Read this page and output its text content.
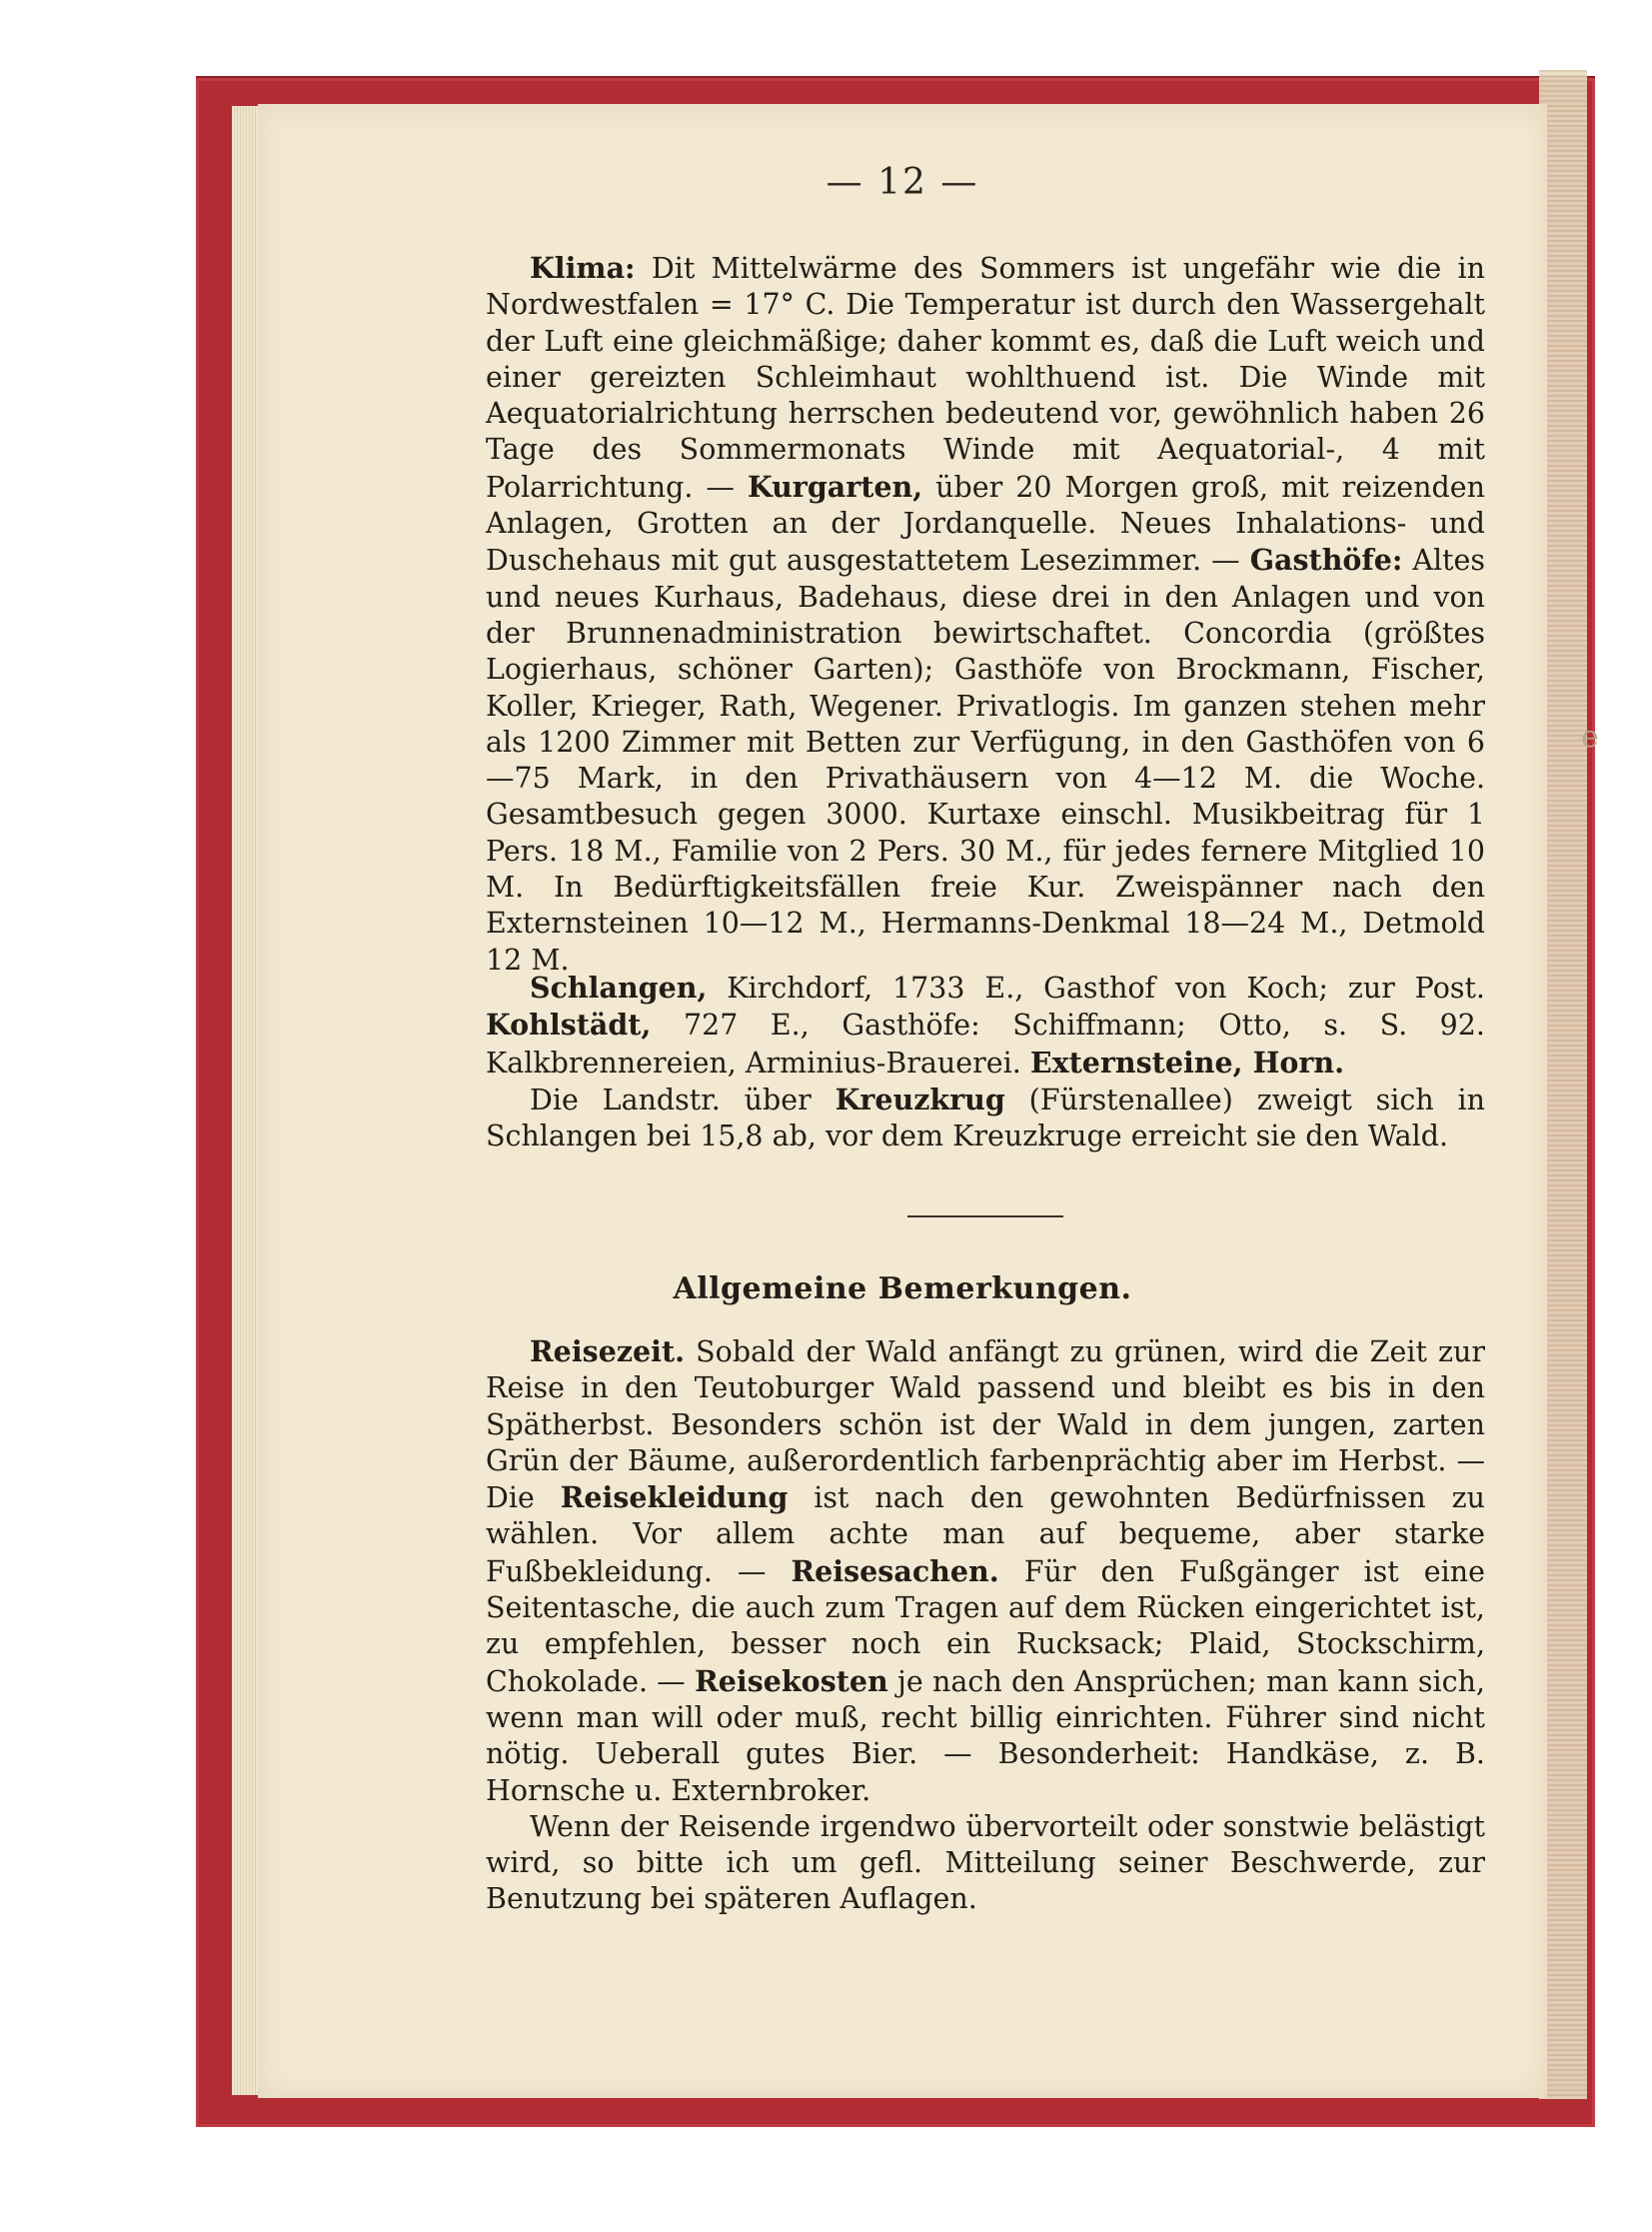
e
— 12 —

Klima: Dit Mittelwärme des Sommers ist ungefähr wie die in Nordwestfalen = 17° C. Die Temperatur ist durch den Wassergehalt der Luft eine gleichmäßige; daher kommt es, daß die Luft weich und einer gereizten Schleimhaut wohlthuend ist. Die Winde mit Aequatorialrichtung herrschen bedeutend vor, gewöhnlich haben 26 Tage des Sommermonats Winde mit Aequatorial-, 4 mit Polarrichtung. — Kurgarten, über 20 Morgen groß, mit reizenden Anlagen, Grotten an der Jordanquelle. Neues Inhalations- und Duschehaus mit gut ausgestattetem Lesezimmer. — Gasthöfe: Altes und neues Kurhaus, Badehaus, diese drei in den Anlagen und von der Brunnenadministration bewirtschaftet. Concordia (größtes Logierhaus, schöner Garten); Gasthöfe von Brockmann, Fischer, Koller, Krieger, Rath, Wegener. Privatlogis. Im ganzen stehen mehr als 1200 Zimmer mit Betten zur Verfügung, in den Gasthöfen von 6—75 Mark, in den Privathäusern von 4—12 M. die Woche. Gesamtbesuch gegen 3000. Kurtaxe einschl. Musikbeitrag für 1 Pers. 18 M., Familie von 2 Pers. 30 M., für jedes fernere Mitglied 10 M. In Bedürftigkeitsfällen freie Kur. Zweispänner nach den Externsteinen 10—12 M., Hermanns-Denkmal 18—24 M., Detmold 12 M.

Schlangen, Kirchdorf, 1733 E., Gasthof von Koch; zur Post. Kohlstädt, 727 E., Gasthöfe: Schiffmann; Otto, s. S. 92. Kalkbrennereien, Arminius-Brauerei. Externsteine, Horn.

Die Landstr. über Kreuzkrug (Fürstenallee) zweigt sich in Schlangen bei 15,8 ab, vor dem Kreuzkruge erreicht sie den Wald.

Allgemeine Bemerkungen.

Reisezeit. Sobald der Wald anfängt zu grünen, wird die Zeit zur Reise in den Teutoburger Wald passend und bleibt es bis in den Spätherbst. Besonders schön ist der Wald in dem jungen, zarten Grün der Bäume, außerordentlich farbenprächtig aber im Herbst. — Die Reisekleidung ist nach den gewohnten Bedürfnissen zu wählen. Vor allem achte man auf bequeme, aber starke Fußbekleidung. — Reisesachen. Für den Fußgänger ist eine Seitentasche, die auch zum Tragen auf dem Rücken eingerichtet ist, zu empfehlen, besser noch ein Rucksack; Plaid, Stockschirm, Chokolade. — Reisekosten je nach den Ansprüchen; man kann sich, wenn man will oder muß, recht billig einrichten. Führer sind nicht nötig. Ueberall gutes Bier. — Besonderheit: Handkäse, z. B. Hornsche u. Externbroker.

Wenn der Reisende irgendwo übervorteilt oder sonstwie belästigt wird, so bitte ich um gefl. Mitteilung seiner Beschwerde, zur Benutzung bei späteren Auflagen.
